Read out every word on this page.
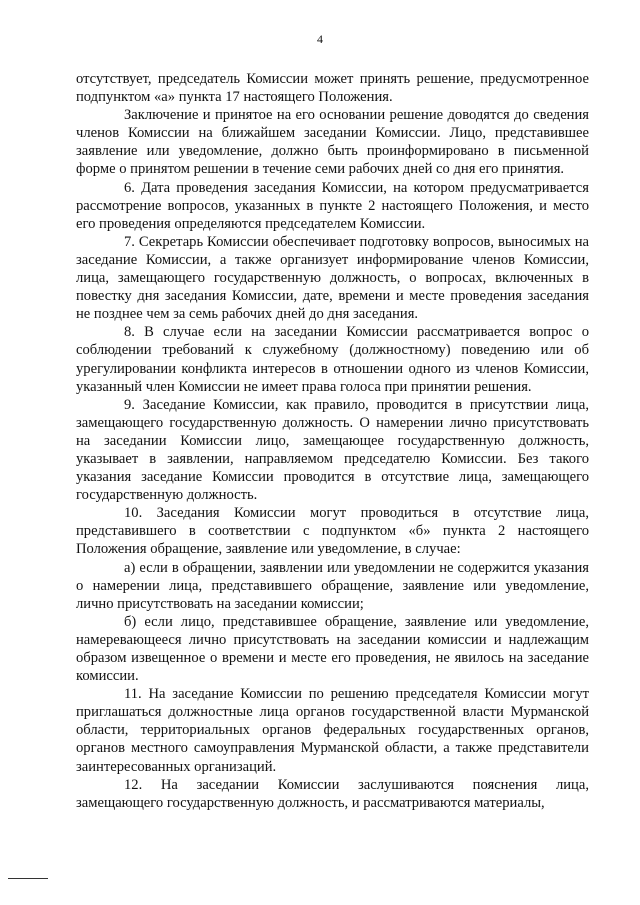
4

отсутствует, председатель Комиссии может принять решение, предусмотренное подпунктом «а» пункта 17 настоящего Положения.

Заключение и принятое на его основании решение доводятся до сведения членов Комиссии на ближайшем заседании Комиссии. Лицо, представившее заявление или уведомление, должно быть проинформировано в письменной форме о принятом решении в течение семи рабочих дней со дня его принятия.

6. Дата проведения заседания Комиссии, на котором предусматривается рассмотрение вопросов, указанных в пункте 2 настоящего Положения, и место его проведения определяются председателем Комиссии.

7. Секретарь Комиссии обеспечивает подготовку вопросов, выносимых на заседание Комиссии, а также организует информирование членов Комиссии, лица, замещающего государственную должность, о вопросах, включенных в повестку дня заседания Комиссии, дате, времени и месте проведения заседания не позднее чем за семь рабочих дней до дня заседания.

8. В случае если на заседании Комиссии рассматривается вопрос о соблюдении требований к служебному (должностному) поведению или об урегулировании конфликта интересов в отношении одного из членов Комиссии, указанный член Комиссии не имеет права голоса при принятии решения.

9. Заседание Комиссии, как правило, проводится в присутствии лица, замещающего государственную должность. О намерении лично присутствовать на заседании Комиссии лицо, замещающее государственную должность, указывает в заявлении, направляемом председателю Комиссии. Без такого указания заседание Комиссии проводится в отсутствие лица, замещающего государственную должность.

10. Заседания Комиссии могут проводиться в отсутствие лица, представившего в соответствии с подпунктом «б» пункта 2 настоящего Положения обращение, заявление или уведомление, в случае:

а) если в обращении, заявлении или уведомлении не содержится указания о намерении лица, представившего обращение, заявление или уведомление, лично присутствовать на заседании комиссии;

б) если лицо, представившее обращение, заявление или уведомление, намеревающееся лично присутствовать на заседании комиссии и надлежащим образом извещенное о времени и месте его проведения, не явилось на заседание комиссии.

11. На заседание Комиссии по решению председателя Комиссии могут приглашаться должностные лица органов государственной власти Мурманской области, территориальных органов федеральных государственных органов, органов местного самоуправления Мурманской области, а также представители заинтересованных организаций.

12. На заседании Комиссии заслушиваются пояснения лица, замещающего государственную должность, и рассматриваются материалы,
